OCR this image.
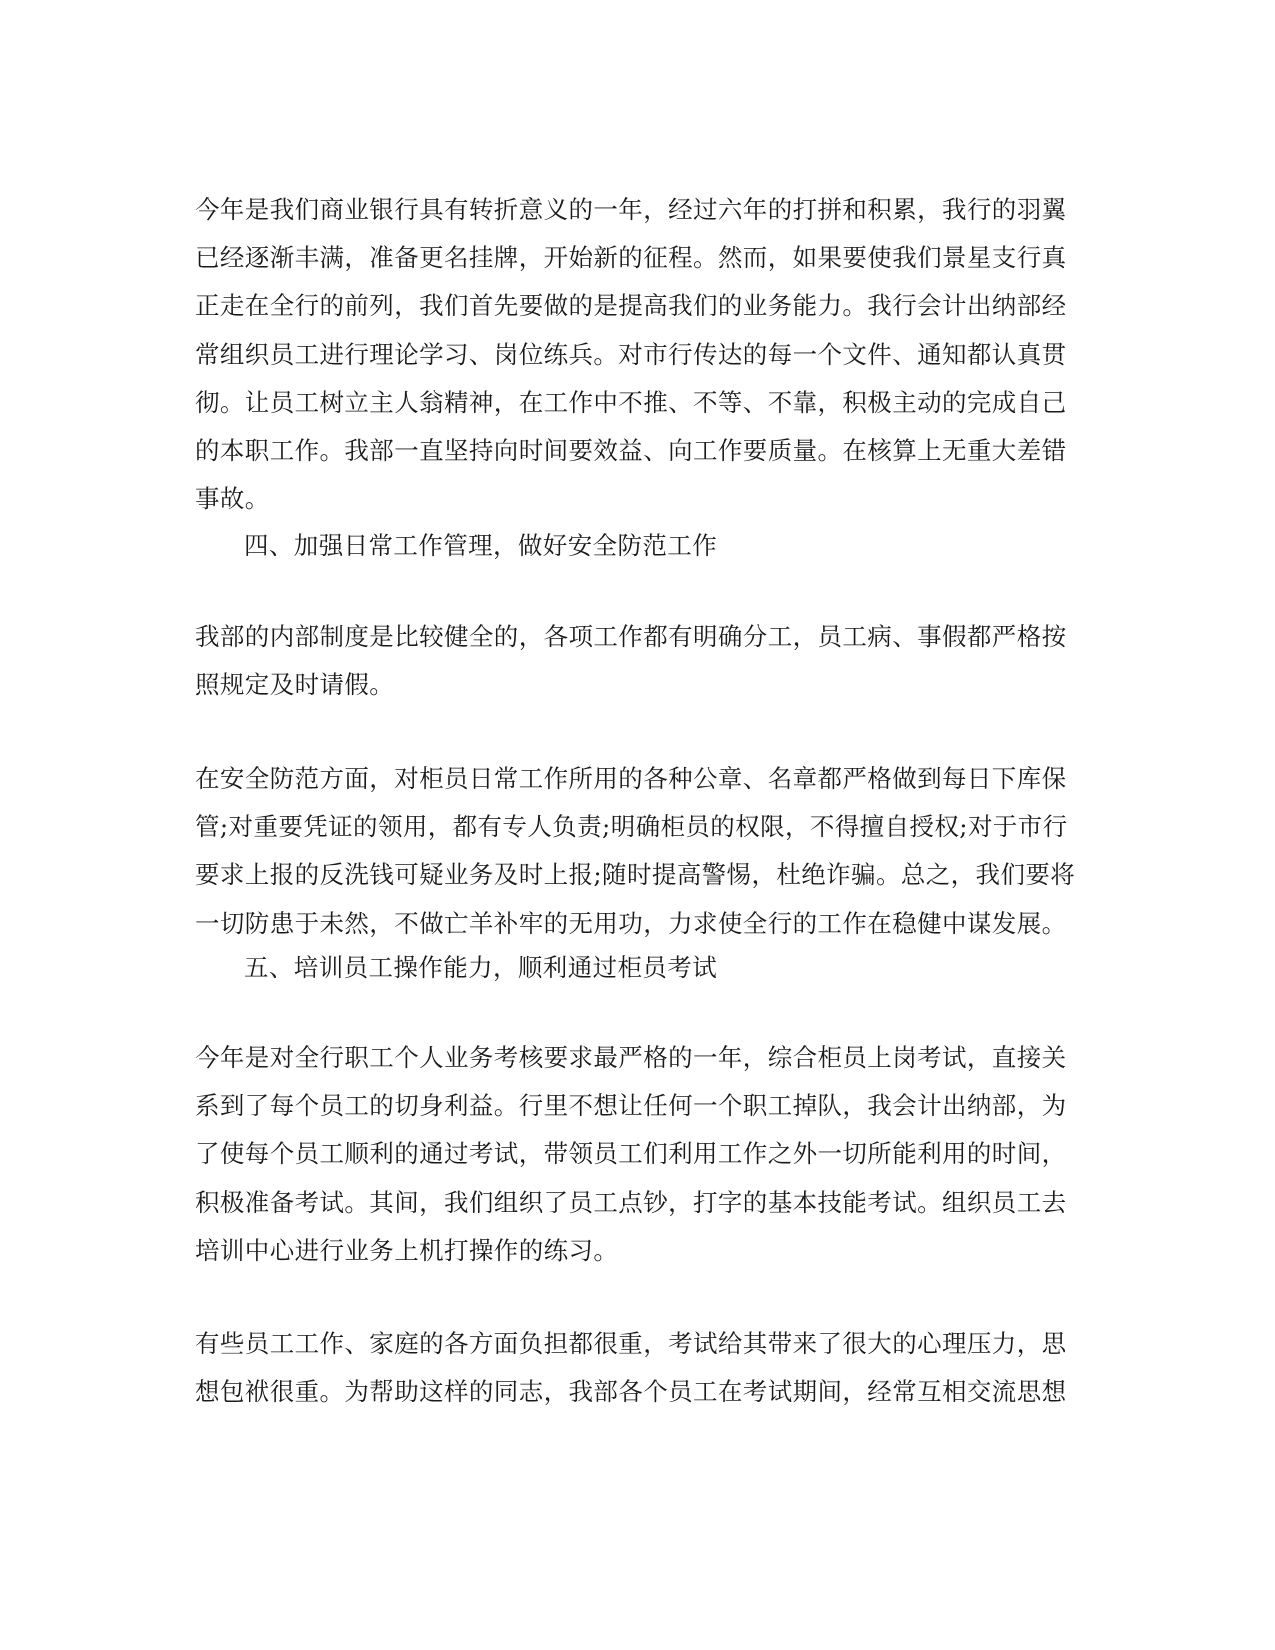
今年是我们商业银行具有转折意义的一年，经过六年的打拼和积累，我行的羽翼
已经逐渐丰满，准备更名挂牌，开始新的征程。然而，如果要使我们景星支行真
正走在全行的前列，我们首先要做的是提高我们的业务能力。我行会计出纳部经
常组织员工进行理论学习、岗位练兵。对市行传达的每一个文件、通知都认真贯
彻。让员工树立主人翁精神，在工作中不推、不等、不靠，积极主动的完成自己
的本职工作。我部一直坚持向时间要效益、向工作要质量。在核算上无重大差错
事故。
四、加强日常工作管理，做好安全防范工作
我部的内部制度是比较健全的，各项工作都有明确分工，员工病、事假都严格按
照规定及时请假。
在安全防范方面，对柜员日常工作所用的各种公章、名章都严格做到每日下库保
管;对重要凭证的领用，都有专人负责;明确柜员的权限，不得擅自授权;对于市行
要求上报的反洗钱可疑业务及时上报;随时提高警惕，杜绝诈骗。总之，我们要将
一切防患于未然，不做亡羊补牢的无用功，力求使全行的工作在稳健中谋发展。
五、培训员工操作能力，顺利通过柜员考试
今年是对全行职工个人业务考核要求最严格的一年，综合柜员上岗考试，直接关
系到了每个员工的切身利益。行里不想让任何一个职工掉队，我会计出纳部，为
了使每个员工顺利的通过考试，带领员工们利用工作之外一切所能利用的时间，
积极准备考试。其间，我们组织了员工点钞，打字的基本技能考试。组织员工去
培训中心进行业务上机打操作的练习。
有些员工工作、家庭的各方面负担都很重，考试给其带来了很大的心理压力，思
想包袱很重。为帮助这样的同志，我部各个员工在考试期间，经常互相交流思想
